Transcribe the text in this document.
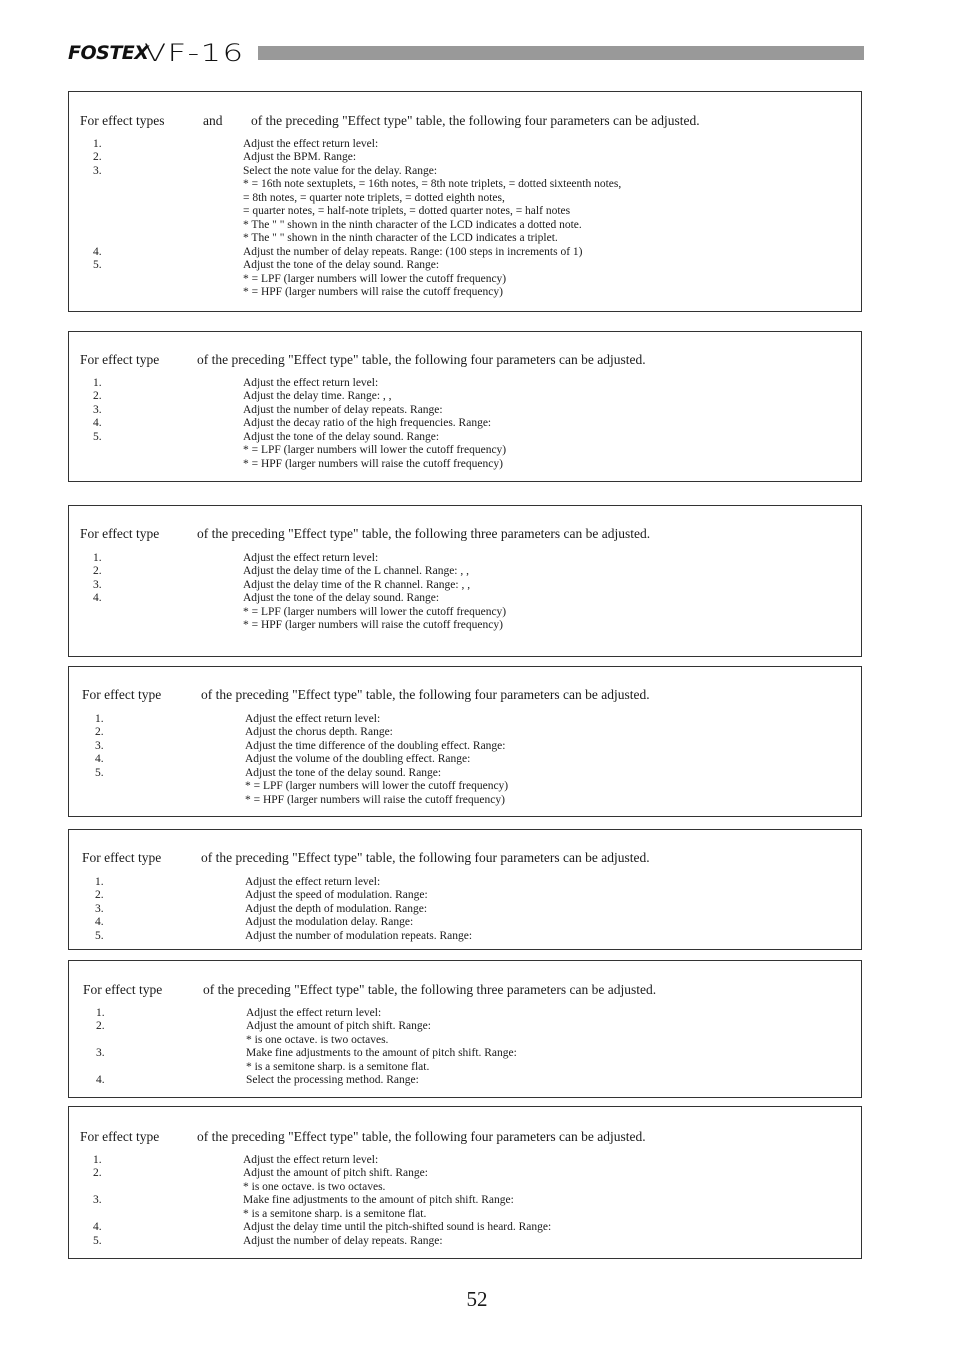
FOSTEX
VF-16
For effect types	and of the preceding "Effect type" table, the following four parameters can be adjusted.
1.	Adjust the effect return level:
2.	Adjust the BPM. Range:
3.	Select the note value for the delay. Range:
* = 16th note sextuplets, = 16th notes, = 8th note triplets, = dotted sixteenth notes,
= 8th notes, = quarter note triplets, = dotted eighth notes,
= quarter notes, = half-note triplets, = dotted quarter notes, = half notes
* The " " shown in the ninth character of the LCD indicates a dotted note.
* The " " shown in the ninth character of the LCD indicates a triplet.
4.	Adjust the number of delay repeats. Range: (100 steps in increments of 1)
5.	Adjust the tone of the delay sound. Range:
* = LPF (larger numbers will lower the cutoff frequency)
* = HPF (larger numbers will raise the cutoff frequency)
For effect type	of the preceding "Effect type" table, the following four parameters can be adjusted.
1.	Adjust the effect return level:
2.	Adjust the delay time. Range: , ,
3.	Adjust the number of delay repeats. Range:
4.	Adjust the decay ratio of the high frequencies. Range:
5.	Adjust the tone of the delay sound. Range:
* = LPF (larger numbers will lower the cutoff frequency)
* = HPF (larger numbers will raise the cutoff frequency)
For effect type	of the preceding "Effect type" table, the following three parameters can be adjusted.
1.	Adjust the effect return level:
2.	Adjust the delay time of the L channel. Range: , ,
3.	Adjust the delay time of the R channel. Range: , ,
4.	Adjust the tone of the delay sound. Range:
* = LPF (larger numbers will lower the cutoff frequency)
* = HPF (larger numbers will raise the cutoff frequency)
For effect type	of the preceding "Effect type" table, the following four parameters can be adjusted.
1.	Adjust the effect return level:
2.	Adjust the chorus depth. Range:
3.	Adjust the time difference of the doubling effect. Range:
4.	Adjust the volume of the doubling effect. Range:
5.	Adjust the tone of the delay sound. Range:
* = LPF (larger numbers will lower the cutoff frequency)
* = HPF (larger numbers will raise the cutoff frequency)
For effect type	of the preceding "Effect type" table, the following four parameters can be adjusted.
1.	Adjust the effect return level:
2.	Adjust the speed of modulation. Range:
3.	Adjust the depth of modulation. Range:
4.	Adjust the modulation delay. Range:
5.	Adjust the number of modulation repeats. Range:
For effect type	of the preceding "Effect type" table, the following three parameters can be adjusted.
1.	Adjust the effect return level:
2.	Adjust the amount of pitch shift. Range:
* is one octave. is two octaves.
3.	Make fine adjustments to the amount of pitch shift. Range:
* is a semitone sharp. is a semitone flat.
4.	Select the processing method. Range:
For effect type	of the preceding "Effect type" table, the following four parameters can be adjusted.
1.	Adjust the effect return level:
2.	Adjust the amount of pitch shift. Range:
* is one octave. is two octaves.
3.	Make fine adjustments to the amount of pitch shift. Range:
* is a semitone sharp. is a semitone flat.
4.	Adjust the delay time until the pitch-shifted sound is heard. Range:
5.	Adjust the number of delay repeats. Range:
52
